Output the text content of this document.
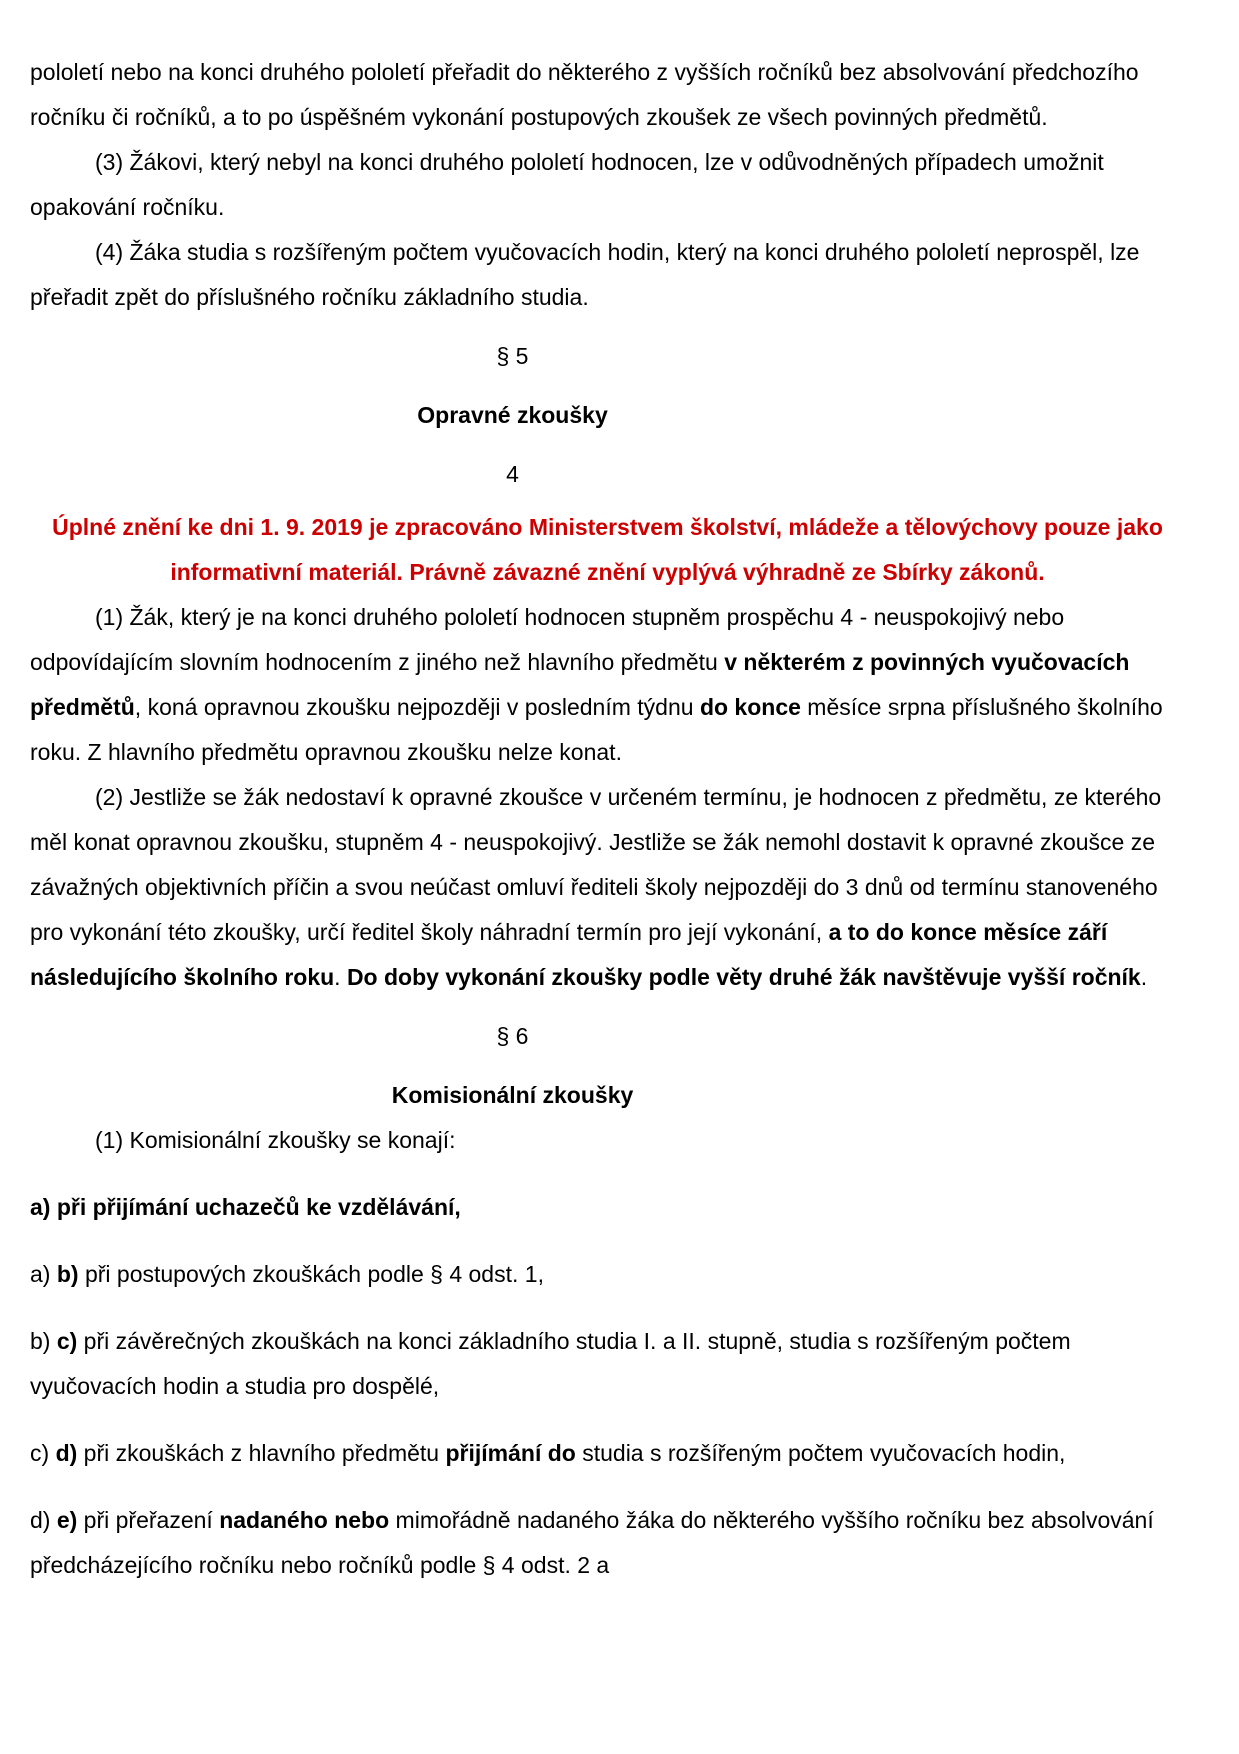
pololetí nebo na konci druhého pololetí přeřadit do některého z vyšších ročníků bez absolvování předchozího ročníku či ročníků, a to po úspěšném vykonání postupových zkoušek ze všech povinných předmětů.

(3) Žákovi, který nebyl na konci druhého pololetí hodnocen, lze v odůvodněných případech umožnit opakování ročníku.

(4) Žáka studia s rozšířeným počtem vyučovacích hodin, který na konci druhého pololetí neprospěl, lze přeřadit zpět do příslušného ročníku základního studia.

§ 5

Opravné zkoušky

4

Úplné znění ke dni 1. 9. 2019 je zpracováno Ministerstvem školství, mládeže a tělovýchovy pouze jako informativní materiál. Právně závazné znění vyplývá výhradně ze Sbírky zákonů.

(1) Žák, který je na konci druhého pololetí hodnocen stupněm prospěchu 4 - neuspokojivý nebo odpovídajícím slovním hodnocením z jiného než hlavního předmětu v některém z povinných vyučovacích předmětů, koná opravnou zkoušku nejpozději v posledním týdnu do konce měsíce srpna příslušného školního roku. Z hlavního předmětu opravnou zkoušku nelze konat.

(2) Jestliže se žák nedostaví k opravné zkoušce v určeném termínu, je hodnocen z předmětu, ze kterého měl konat opravnou zkoušku, stupněm 4 - neuspokojivý. Jestliže se žák nemohl dostavit k opravné zkoušce ze závažných objektivních příčin a svou neúčast omluví řediteli školy nejpozději do 3 dnů od termínu stanoveného pro vykonání této zkoušky, určí ředitel školy náhradní termín pro její vykonání, a to do konce měsíce září následujícího školního roku. Do doby vykonání zkoušky podle věty druhé žák navštěvuje vyšší ročník.

§ 6

Komisionální zkoušky

(1) Komisionální zkoušky se konají:

a) při přijímání uchazečů ke vzdělávání,

a) b) při postupových zkouškách podle § 4 odst. 1,

b) c) při závěrečných zkouškách na konci základního studia I. a II. stupně, studia s rozšířeným počtem vyučovacích hodin a studia pro dospělé,

c) d) při zkouškách z hlavního předmětu přijímání do studia s rozšířeným počtem vyučovacích hodin,

d) e) při přeřazení nadaného nebo mimořádně nadaného žáka do některého vyššího ročníku bez absolvování předcházejícího ročníku nebo ročníků podle § 4 odst. 2 a
